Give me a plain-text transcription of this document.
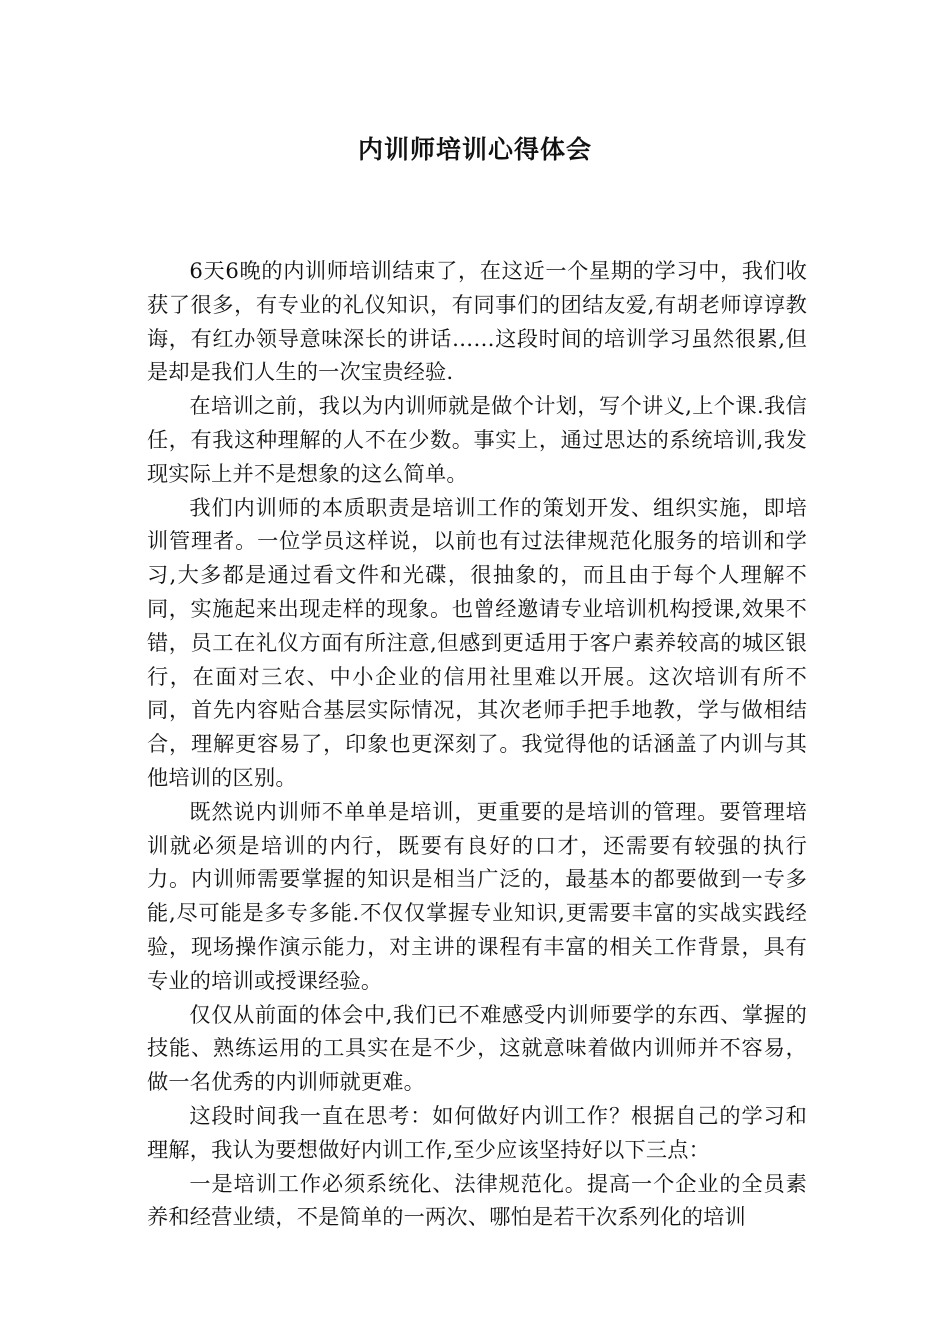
内训师培训心得体会

6天6晚的内训师培训结束了，在这近一个星期的学习中，我们收获了很多，有专业的礼仪知识，有同事们的团结友爱,有胡老师谆谆教诲，有红办领导意味深长的讲话……这段时间的培训学习虽然很累,但是却是我们人生的一次宝贵经验.

在培训之前，我以为内训师就是做个计划，写个讲义,上个课.我信任，有我这种理解的人不在少数。事实上，通过思达的系统培训,我发现实际上并不是想象的这么简单。

我们内训师的本质职责是培训工作的策划开发、组织实施，即培训管理者。一位学员这样说，以前也有过法律规范化服务的培训和学习,大多都是通过看文件和光碟，很抽象的，而且由于每个人理解不同，实施起来出现走样的现象。也曾经邀请专业培训机构授课,效果不错，员工在礼仪方面有所注意,但感到更适用于客户素养较高的城区银行，在面对三农、中小企业的信用社里难以开展。这次培训有所不同，首先内容贴合基层实际情况，其次老师手把手地教，学与做相结合，理解更容易了，印象也更深刻了。我觉得他的话涵盖了内训与其他培训的区别。

既然说内训师不单单是培训，更重要的是培训的管理。要管理培训就必须是培训的内行，既要有良好的口才，还需要有较强的执行力。内训师需要掌握的知识是相当广泛的，最基本的都要做到一专多能,尽可能是多专多能.不仅仅掌握专业知识,更需要丰富的实战实践经验，现场操作演示能力，对主讲的课程有丰富的相关工作背景，具有专业的培训或授课经验。

仅仅从前面的体会中,我们已不难感受内训师要学的东西、掌握的技能、熟练运用的工具实在是不少，这就意味着做内训师并不容易，做一名优秀的内训师就更难。

这段时间我一直在思考：如何做好内训工作？根据自己的学习和理解，我认为要想做好内训工作,至少应该坚持好以下三点：

一是培训工作必须系统化、法律规范化。提高一个企业的全员素养和经营业绩，不是简单的一两次、哪怕是若干次系列化的培训
